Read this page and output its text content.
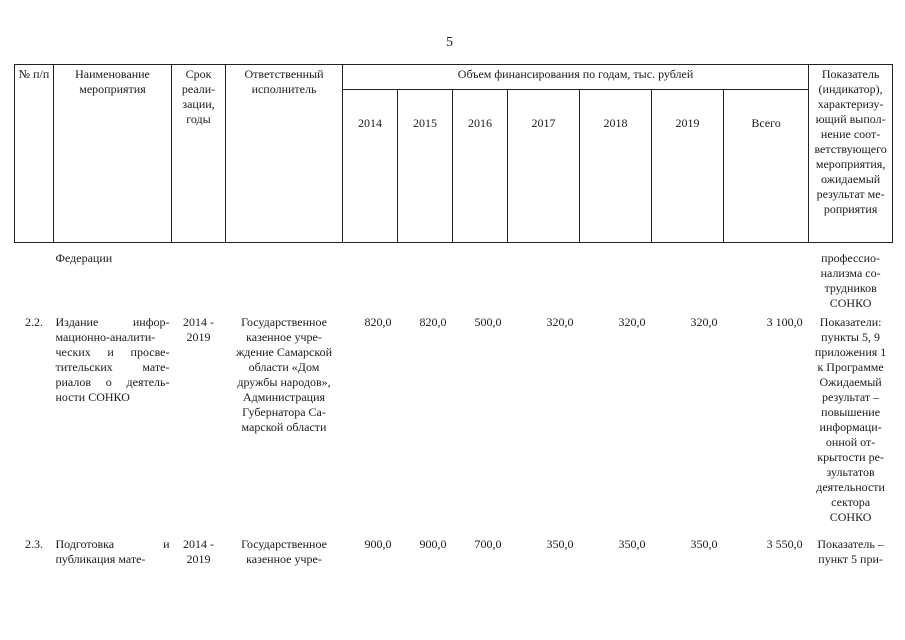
5
№ п/п	Наименование мероприятия	Срок реали-зации, годы	Ответственный исполнитель	Объем финансирования по годам, тыс. рублей							Показатель (индикатор), характеризу-ющий выпол-нение соот-ветствующего мероприятия, ожидаемый результат ме-роприятия
				2014	2015	2016	2017	2018	2019	Всего	
	Федерации										профессио-нализма со-трудников СОНКО
2.2.	Издание инфор-мационно-аналити-ческих и просве-тительских мате-риалов о деятель-ности СОНКО	2014 - 2019	Государственное казенное учре-ждение Самарской области «Дом дружбы народов», Администрация Губернатора Са-марской области	820,0	820,0	500,0	320,0	320,0	320,0	3 100,0	Показатели: пункты 5, 9 приложения 1 к Программе Ожидаемый результат – повышение информаци-онной от-крытости ре-зультатов деятельности сектора СОНКО
2.3.	Подготовка и публикация мате-	2014 - 2019	Государственное казенное учре-	900,0	900,0	700,0	350,0	350,0	350,0	3 550,0	Показатель – пункт 5 при-
